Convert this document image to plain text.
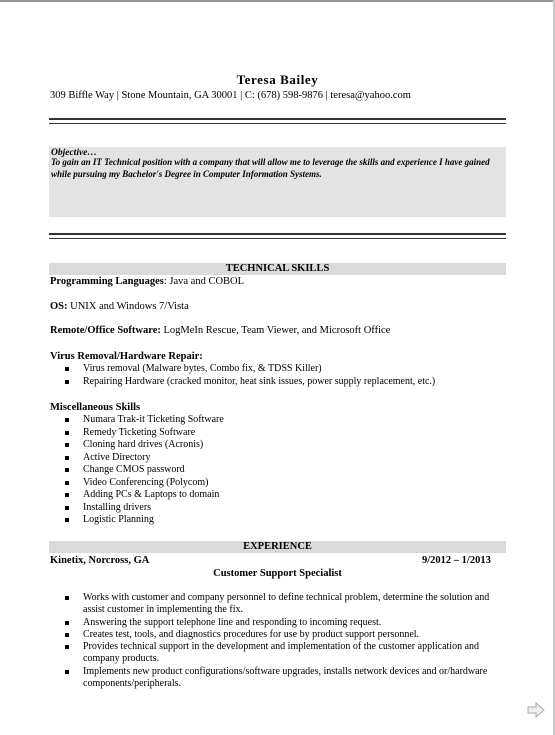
Teresa Bailey
309 Biffle Way | Stone Mountain, GA 30001 | C: (678) 598-9876 | teresa@yahoo.com
Objective…
To gain an IT Technical position with a company that will allow me to leverage the skills and experience I have gained while pursuing my Bachelor's Degree in Computer Information Systems.
TECHNICAL SKILLS
Programming Languages: Java and COBOL
OS: UNIX and Windows 7/Vista
Remote/Office Software: LogMeIn Rescue, Team Viewer, and Microsoft Office
Virus Removal/Hardware Repair:
Virus removal (Malware bytes, Combo fix, & TDSS Killer)
Repairing Hardware (cracked monitor, heat sink issues, power supply replacement, etc.)
Miscellaneous Skills
Numara Trak-it Ticketing Software
Remedy Ticketing Software
Cloning hard drives (Acronis)
Active Directory
Change CMOS password
Video Conferencing (Polycom)
Adding PCs & Laptops to domain
Installing drivers
Logistic Planning
EXPERIENCE
Kinetix, Norcross, GA	9/2012 – 1/2013
Customer Support Specialist
Works with customer and company personnel to define technical problem, determine the solution and assist customer in implementing the fix.
Answering the support telephone line and responding to incoming request.
Creates test, tools, and diagnostics procedures for use by product support personnel.
Provides technical support in the development and implementation of the customer application and company products.
Implements new product configurations/software upgrades, installs network devices and or/hardware components/peripherals.
